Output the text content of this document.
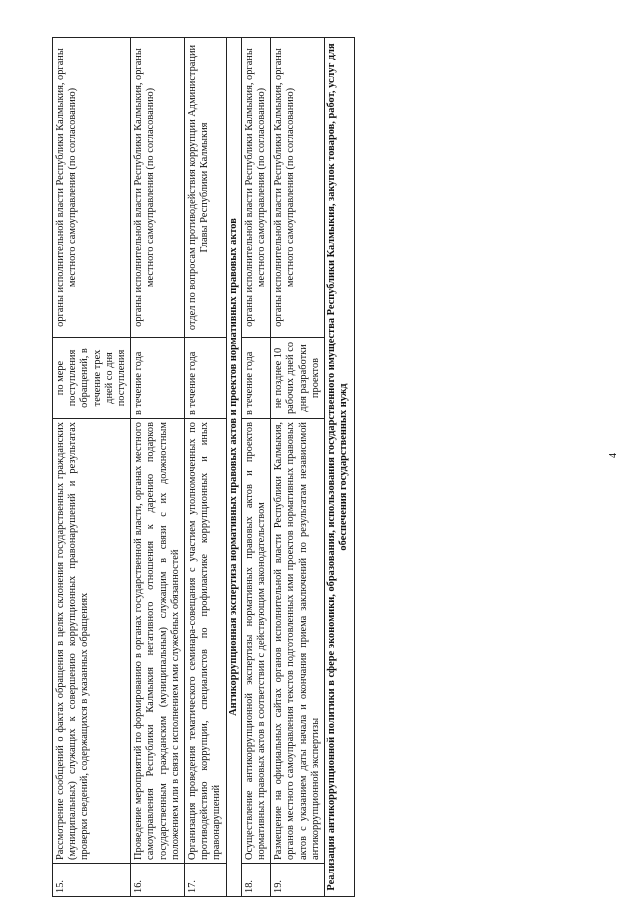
4
15.	Рассмотрение сообщений о фактах обращения в целях склонения государственных гражданских (муниципальных) служащих к совершению коррупционных правонарушений и результатах проверки сведений, содержащихся в указанных обращениях	по мере поступления обращений, в течение трех дней со дня поступления	органы исполнительной власти Республики Калмыкия, органы местного самоуправления (по согласованию)
16.	Проведение мероприятий по формированию в органах государственной власти, органах местного самоуправления Республики Калмыкия негативного отношения к дарению подарков государственным гражданским (муниципальным) служащим в связи с их должностным положением или в связи с исполнением ими служебных обязанностей	в течение года	органы исполнительной власти Республики Калмыкия, органы местного самоуправления (по согласованию)
17.	Организация проведения тематического семинара-совещания с участием уполномоченных по противодействию коррупции, специалистов по профилактике коррупционных и иных правонарушений	в течение года	отдел по вопросам противодействия коррупции Администрации Главы Республики Калмыкия
Антикоррупционная экспертиза нормативных правовых актов и проектов нормативных правовых актов			
18.	Осуществление антикоррупционной экспертизы нормативных правовых актов и проектов нормативных правовых актов в соответствии с действующим законодательством	в течение года	органы исполнительной власти Республики Калмыкия, органы местного самоуправления (по согласованию)
19.	Размещение на официальных сайтах органов исполнительной власти Республики Калмыкия, органов местного самоуправления текстов подготовленных ими проектов нормативных правовых актов с указанием даты начала и окончания приема заключений по результатам независимой антикоррупционной экспертизы	не позднее 10 рабочих дней со дня разработки проектов	органы исполнительной власти Республики Калмыкия, органы местного самоуправления (по согласованию)
Реализация антикоррупционной политики в сфере экономики, образования, использования государственного имущества Республики Калмыкия, закупок товаров, работ, услуг для обеспечения государственных нужд			
